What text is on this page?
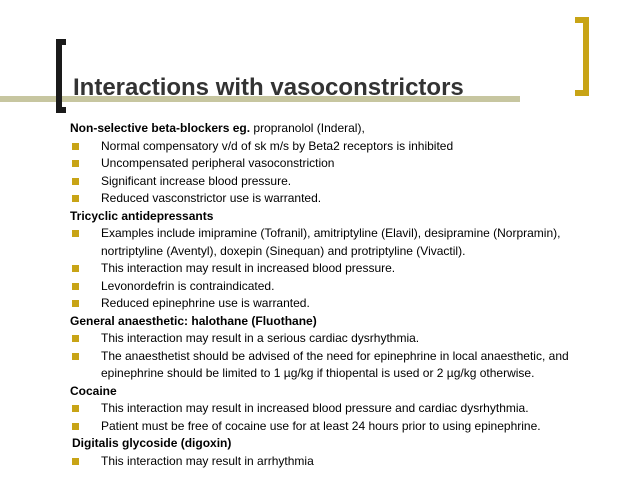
Interactions with vasoconstrictors
Non-selective beta-blockers eg. propranolol (Inderal),
Normal compensatory v/d of sk m/s by Beta2 receptors is inhibited
Uncompensated peripheral vasoconstriction
Significant increase blood pressure.
Reduced vasconstrictor use is warranted.
Tricyclic antidepressants
Examples include imipramine (Tofranil), amitriptyline (Elavil), desipramine (Norpramin), nortriptyline (Aventyl), doxepin (Sinequan) and protriptyline (Vivactil).
This interaction may result in increased blood pressure.
Levonordefrin is contraindicated.
Reduced epinephrine use is warranted.
General anaesthetic: halothane (Fluothane)
This interaction may result in a serious cardiac dysrhythmia.
The anaesthetist should be advised of the need for epinephrine in local anaesthetic, and epinephrine should be limited to 1 µg/kg if thiopental is used or 2 µg/kg otherwise.
Cocaine
This interaction may result in increased blood pressure and cardiac dysrhythmia.
Patient must be free of cocaine use for at least 24 hours prior to using epinephrine.
Digitalis glycoside (digoxin)
This interaction may result in arrhythmia
